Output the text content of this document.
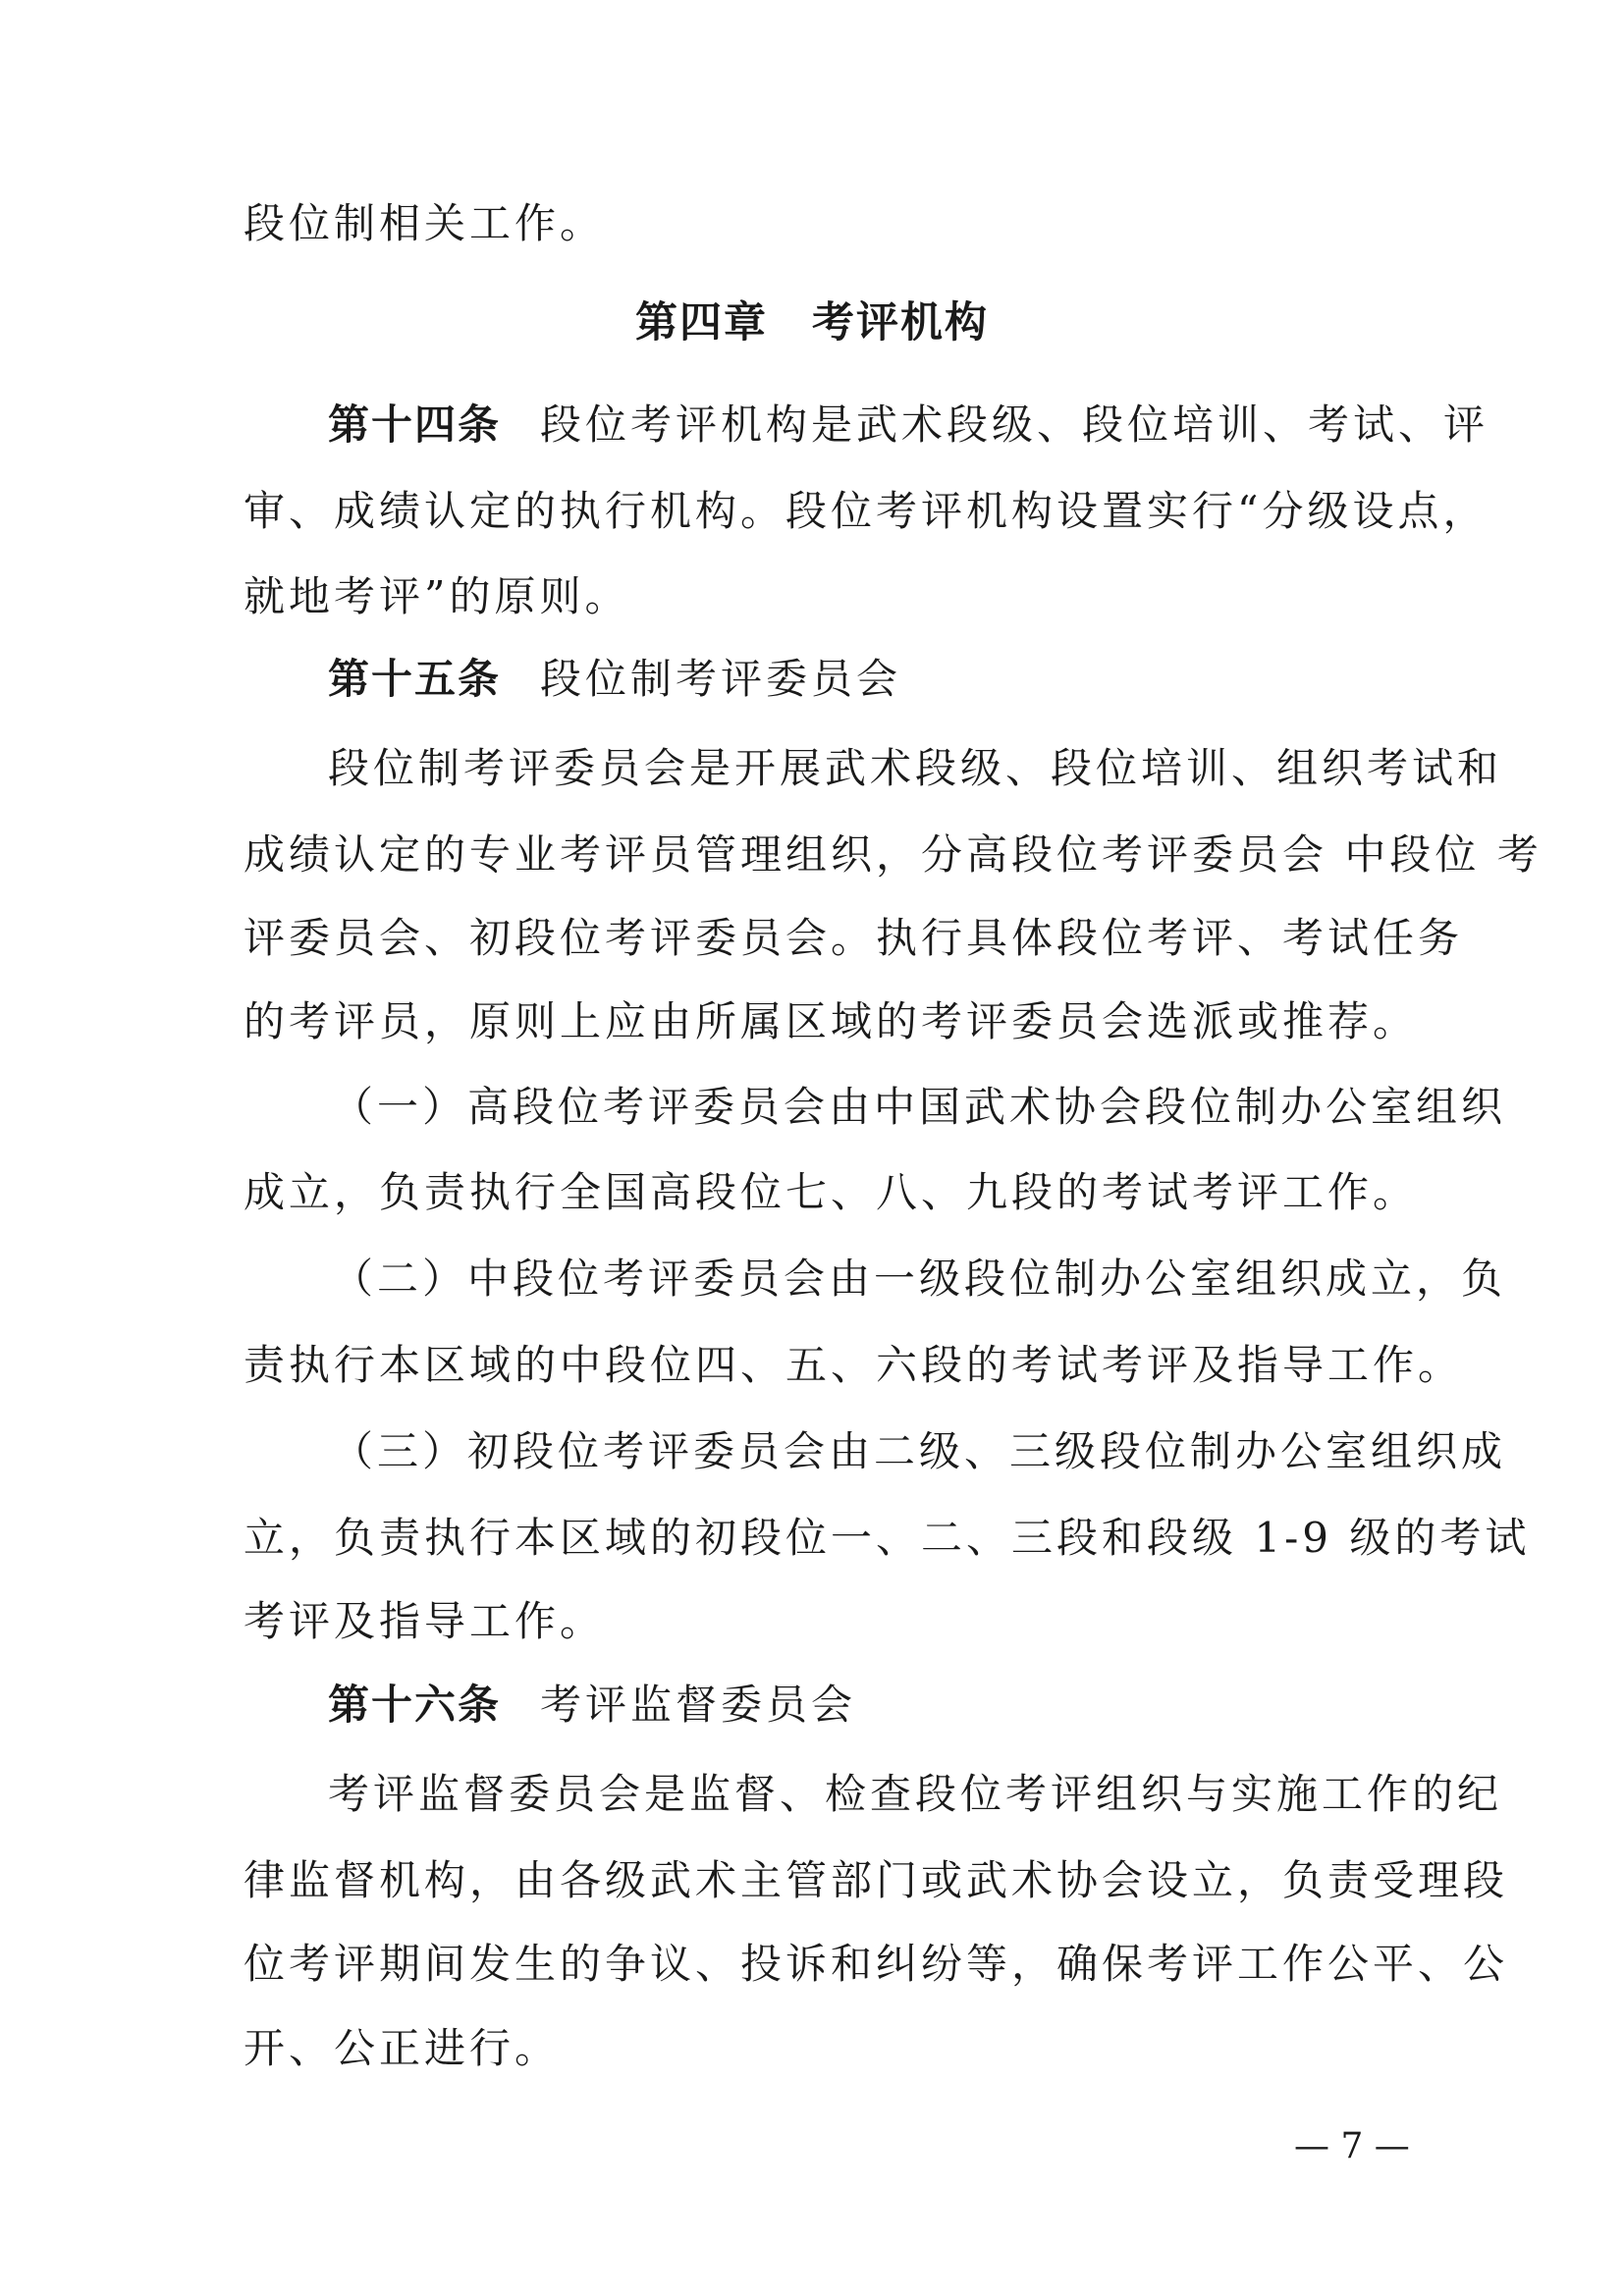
段位制相关工作。
第四章　考评机构
第十四条 段位考评机构是武术段级、段位培训、考试、评
审、成绩认定的执行机构。段位考评机构设置实行“分级设点，
就地考评”的原则。
第十五条 段位制考评委员会
段位制考评委员会是开展武术段级、段位培训、组织考试和
成绩认定的专业考评员管理组织，分高段位考评委员会 中段位 考
评委员会、初段位考评委员会。执行具体段位考评、考试任务
的考评员，原则上应由所属区域的考评委员会选派或推荐。
（一）高段位考评委员会由中国武术协会段位制办公室组织
成立，负责执行全国高段位七、八、九段的考试考评工作。
（二）中段位考评委员会由一级段位制办公室组织成立，负
责执行本区域的中段位四、五、六段的考试考评及指导工作。
（三）初段位考评委员会由二级、三级段位制办公室组织成
立，负责执行本区域的初段位一、二、三段和段级 1-9 级的考试
考评及指导工作。
第十六条 考评监督委员会
考评监督委员会是监督、检查段位考评组织与实施工作的纪
律监督机构，由各级武术主管部门或武术协会设立，负责受理段
位考评期间发生的争议、投诉和纠纷等，确保考评工作公平、公
开、公正进行。
— 7 —
